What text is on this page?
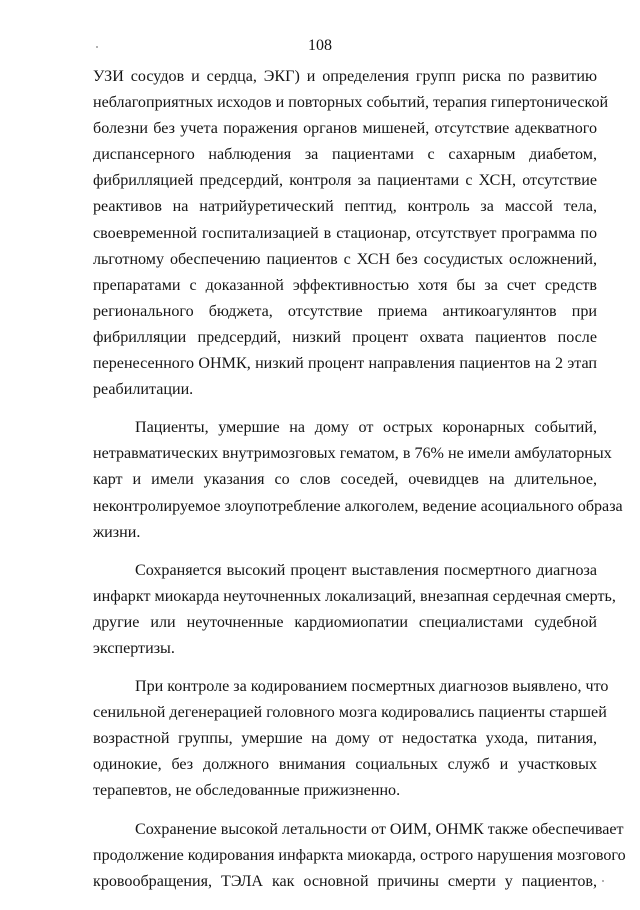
108

УЗИ сосудов и сердца, ЭКГ) и определения групп риска по развитию
неблагоприятных исходов и повторных событий, терапия гипертонической
болезни без учета поражения органов мишеней, отсутствие адекватного
диспансерного наблюдения за пациентами с сахарным диабетом,
фибрилляцией предсердий, контроля за пациентами с ХСН, отсутствие
реактивов на натрийуретический пептид, контроль за массой тела,
своевременной госпитализацией в стационар, отсутствует программа по
льготному обеспечению пациентов с ХСН без сосудистых осложнений,
препаратами с доказанной эффективностью хотя бы за счет средств
регионального бюджета, отсутствие приема антикоагулянтов при
фибрилляции предсердий, низкий процент охвата пациентов после
перенесенного ОНМК, низкий процент направления пациентов на 2 этап
реабилитации.

Пациенты, умершие на дому от острых коронарных событий,
нетравматических внутримозговых гематом, в 76% не имели амбулаторных
карт и имели указания со слов соседей, очевидцев на длительное,
неконтролируемое злоупотребление алкоголем, ведение асоциального образа
жизни.

Сохраняется высокий процент выставления посмертного диагноза
инфаркт миокарда неуточненных локализаций, внезапная сердечная смерть,
другие или неуточненные кардиомиопатии специалистами судебной
экспертизы.

При контроле за кодированием посмертных диагнозов выявлено, что
сенильной дегенерацией головного мозга кодировались пациенты старшей
возрастной группы, умершие на дому от недостатка ухода, питания,
одинокие, без должного внимания социальных служб и участковых
терапевтов, не обследованные прижизненно.

Сохранение высокой летальности от ОИМ, ОНМК также обеспечивает
продолжение кодирования инфаркта миокарда, острого нарушения мозгового
кровообращения, ТЭЛА как основной причины смерти у пациентов,
